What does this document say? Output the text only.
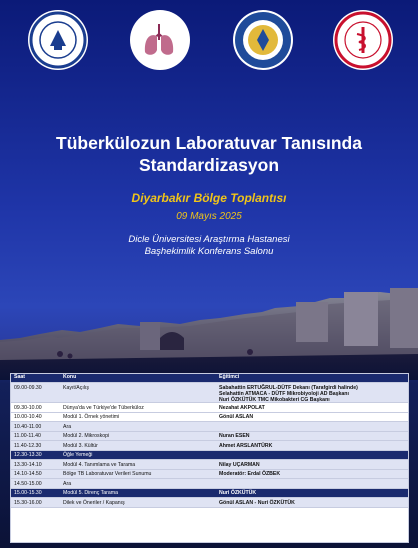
Tüberkülozun Laboratuvar Tanısında
Standardizasyon
Diyarbakır Bölge Toplantısı
09 Mayıs 2025
Dicle Üniversitesi Araştırma Hastanesi
Başhekimlik Konferans Salonu
Saat	Konu	Eğitimci
09.00-09.30	Kayıt/Açılış	Sabahattin ERTUĞRUL-DÜTF Dekanı (Tarafgirdi halinde)
Selahattin ATMACA - DÜTF Mikrobiyoloji AD Başkanı
Nuri ÖZKÜTÜK TMC Mikobakteri CG Başkanı
09.30-10.00	Dünya'da ve Türkiye'de Tüberküloz	Nezahat AKPOLAT
10.00-10.40	Modül 1. Örnek yönetimi	Gönül ASLAN
10.40-11.00	Ara
11.00-11.40	Modül 2. Mikroskopi	Nuran ESEN
11.40-12.30	Modül 3. Kültür	Ahmet ARSLANTÜRK
12.30-13.30	Öğle Yemeği
13.30-14.10	Modül 4. Tanımlama ve Tarama	Nilay UÇARMAN
14.10-14.50	Bölge TB Laboratuvar Verileri Sunumu	Moderatör: Erdal ÖZBEK
14.50-15.00	Ara
15.00-15.30	Modül 5. Direnç Tarama	Nuri ÖZKÜTÜK
15.30-16.00	Dilek ve Öneriler / Kapanış	Gönül ASLAN - Nuri ÖZKÜTÜK
